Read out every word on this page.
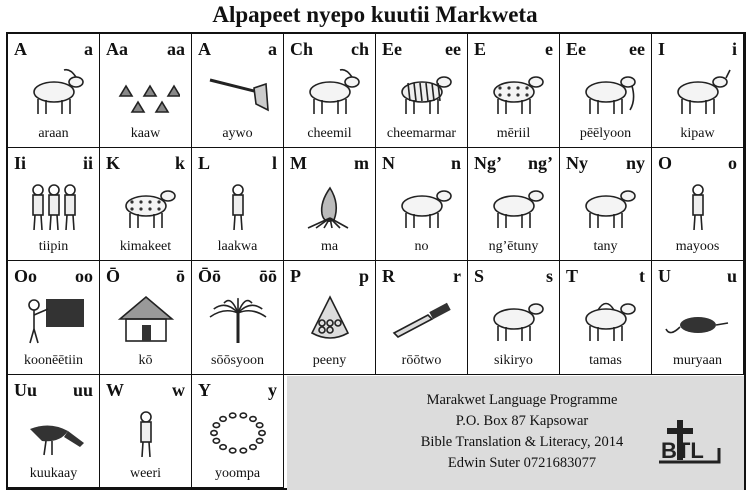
Alpapeet nyepo kuutii Markweta
Marakwet Language Programme
P.O. Box 87 Kapsowar
Bible Translation & Literacy, 2014
Edwin Suter 0721683077	BTL
A	a
araan
Aa aa
kaaw
A	a
aywo
Ch ch
cheemil
Ee ee
cheemarmar
E	e
mēriil
Ee ee
pēēlyoon
I	i
kipaw
Ii	ii
tiipin
K	k
kimakeet
L	l
laakwa
M	m
ma
N	n
no
Ng’ ng’
ng’ētuny
Ny ny
tany
O	o
mayoos
Oo oo
koonēētiin
Ō	ō
kō
Ōō ōō
sōōsyoon
P	p
peeny
R	r
rōōtwo
S	s
sikiryo
T	t
tamas
U	u
muryaan
Uu uu
kuukaay
W	w
weeri
Y	y
yoompa
